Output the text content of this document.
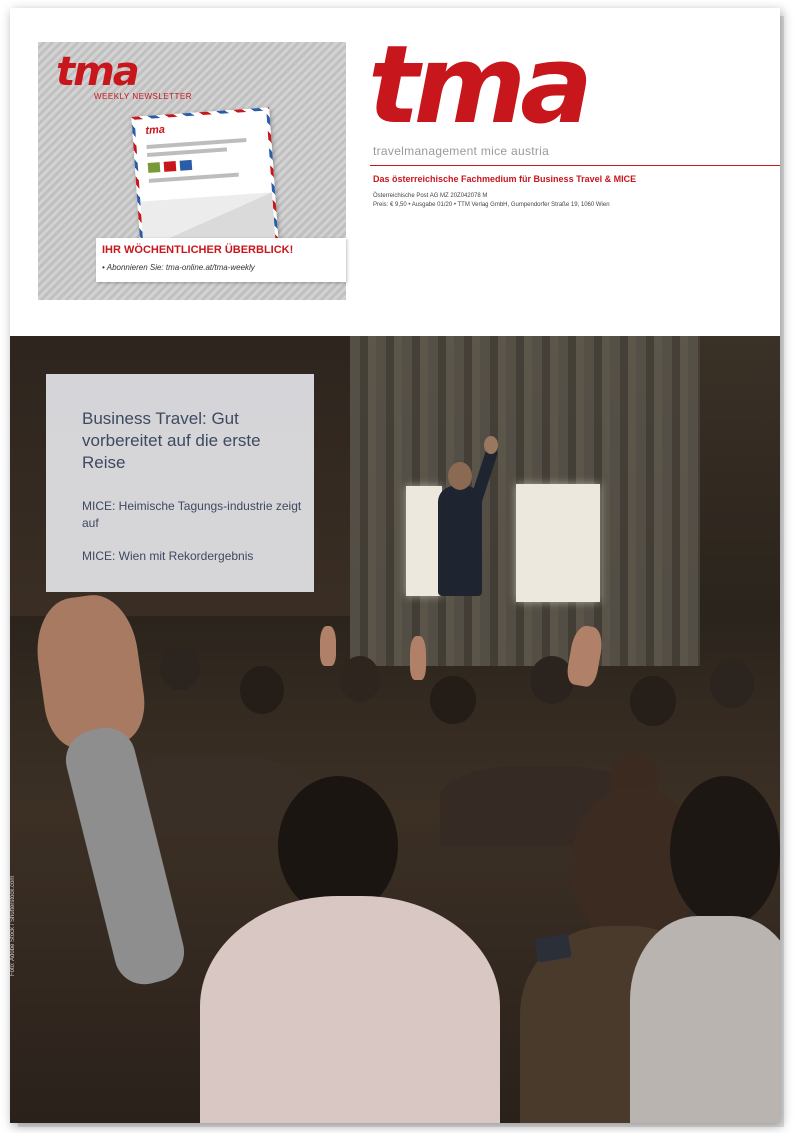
tma
WEEKLY NEWSLETTER
tma
IHR WÖCHENTLICHER ÜBERBLICK!
• Abonnieren Sie: tma-online.at/tma-weekly
tma
travelmanagement mice austria
Das österreichische Fachmedium für Business Travel & MICE
Österreichische Post AG MZ 20Z042078 M
Preis: € 9,50 • Ausgabe 01/20 • TTM Verlag GmbH, Gumpendorfer Straße 19, 1060 Wien
Business Travel: Gut vorbereitet auf die erste Reise
MICE: Heimische Tagungs-industrie zeigt auf
MICE: Wien mit Rekordergebnis
Foto: Adobe Stock / Shutterstock.com
